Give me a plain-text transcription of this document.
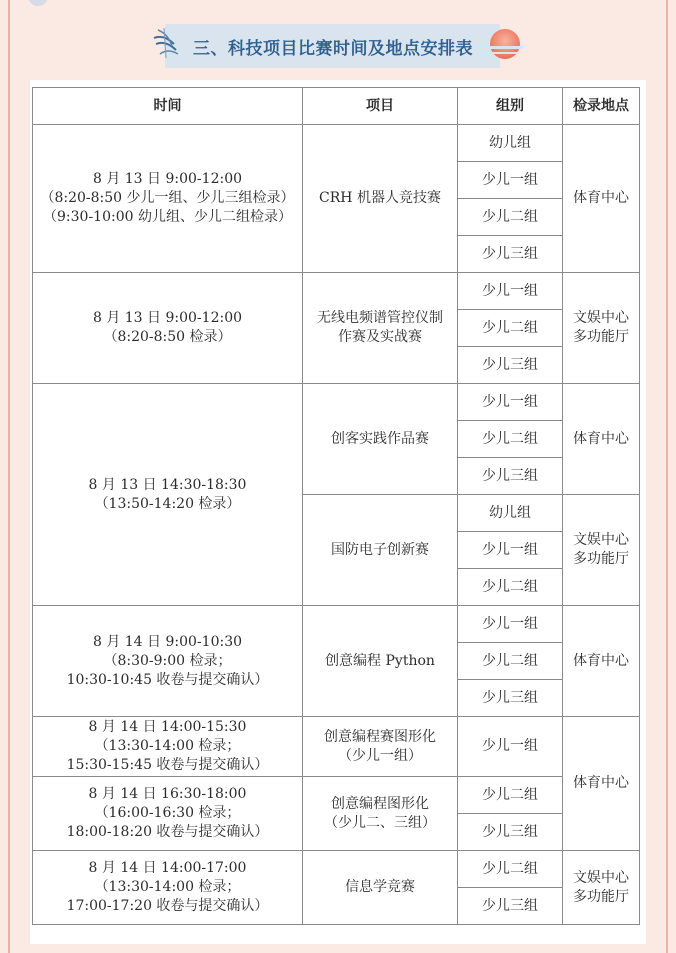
三、科技项目比赛时间及地点安排表
时间	项目	组别	检录地点

8 月 13 日 9:00-12:00
（8:20-8:50 少儿一组、少儿三组检录）
（9:30-10:00 幼儿组、少儿二组检录）	CRH 机器人竞技赛	幼儿组	体育中心

		少儿一组	
		少儿二组	
		少儿三组	

8 月 13 日 9:00-12:00
（8:20-8:50 检录）	无线电频谱管控仪制
作赛及实战赛	少儿一组	文娱中心
多功能厅

		少儿二组	
		少儿三组	

8 月 13 日 14:30-18:30
（13:50-14:20 检录）	创客实践作品赛	少儿一组	体育中心

		少儿二组	
		少儿三组	

	国防电子创新赛	幼儿组	文娱中心
多功能厅

		少儿一组	
		少儿二组	

8 月 14 日 9:00-10:30
（8:30-9:00 检录；
10:30-10:45 收卷与提交确认）	创意编程 Python	少儿一组	体育中心

		少儿二组	
		少儿三组	

8 月 14 日 14:00-15:30
（13:30-14:00 检录；
15:30-15:45 收卷与提交确认）	创意编程赛图形化
（少儿一组）	少儿一组	体育中心

8 月 14 日 16:30-18:00
（16:00-16:30 检录；
18:00-18:20 收卷与提交确认）	创意编程图形化
（少儿二、三组）	少儿二组	
		少儿三组	

8 月 14 日 14:00-17:00
（13:30-14:00 检录；
17:00-17:20 收卷与提交确认）	信息学竞赛	少儿二组	文娱中心
多功能厅

		少儿三组	
